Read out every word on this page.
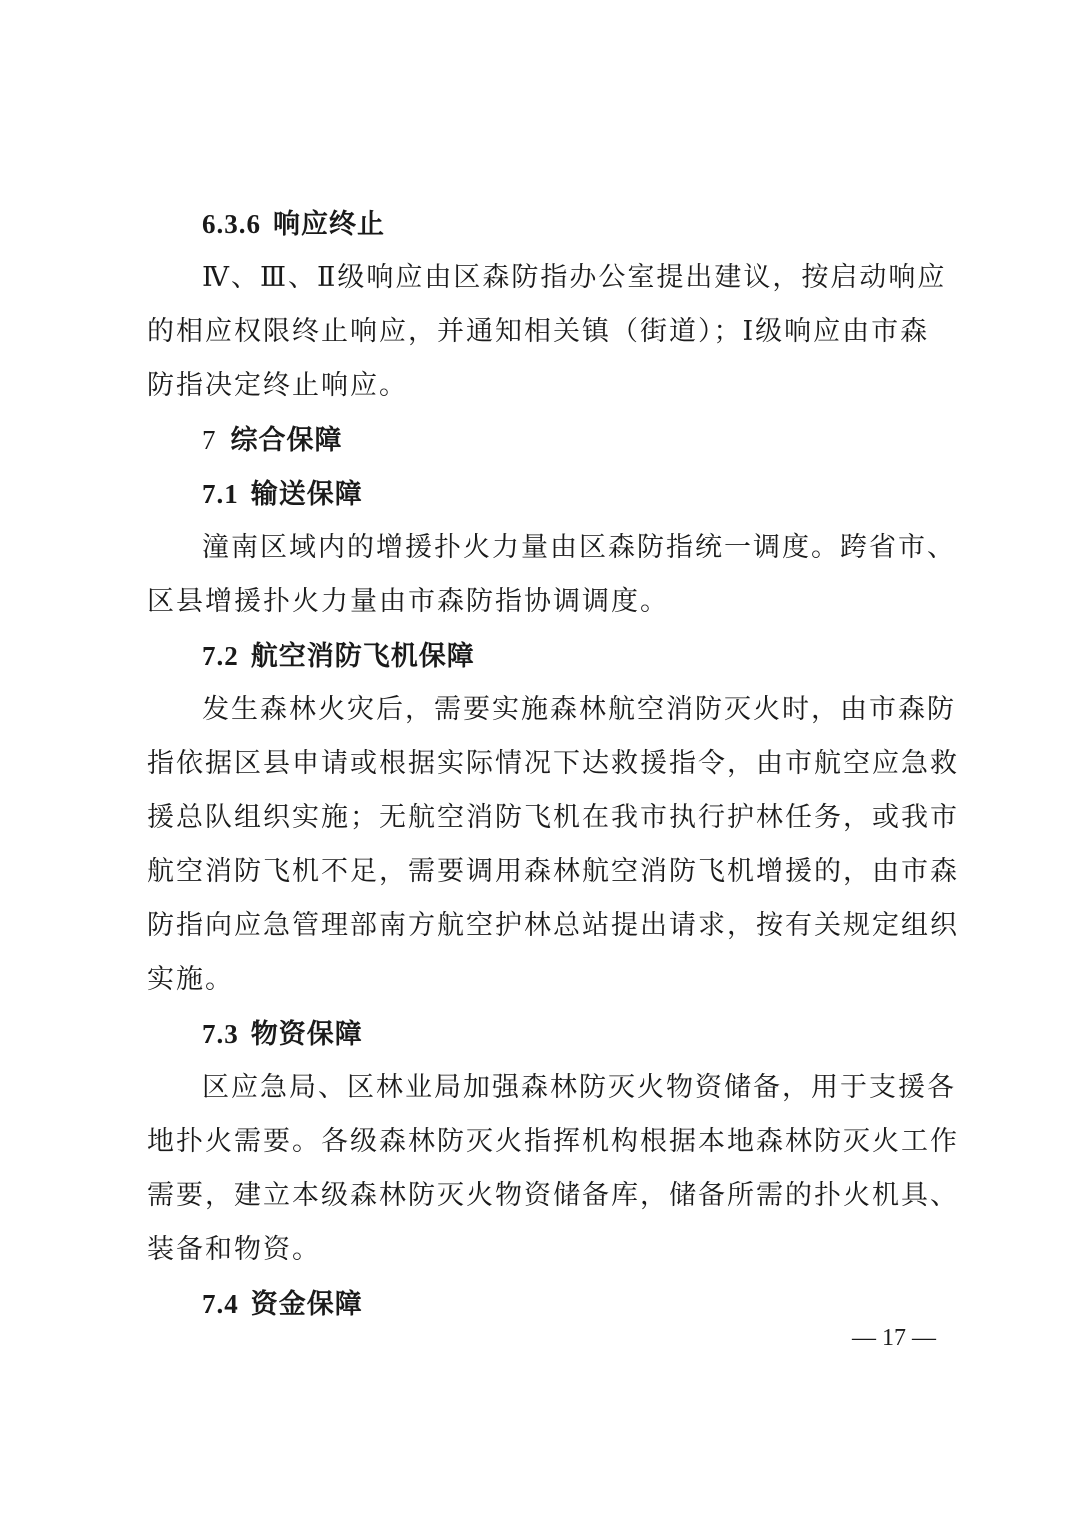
6.3.6 响应终止
Ⅳ、Ⅲ、Ⅱ级响应由区森防指办公室提出建议，按启动响应
的相应权限终止响应，并通知相关镇（街道）；Ⅰ级响应由市森
防指决定终止响应。
7 综合保障
7.1 输送保障
潼南区域内的增援扑火力量由区森防指统一调度。跨省市、
区县增援扑火力量由市森防指协调调度。
7.2 航空消防飞机保障
发生森林火灾后，需要实施森林航空消防灭火时，由市森防
指依据区县申请或根据实际情况下达救援指令，由市航空应急救
援总队组织实施；无航空消防飞机在我市执行护林任务，或我市
航空消防飞机不足，需要调用森林航空消防飞机增援的，由市森
防指向应急管理部南方航空护林总站提出请求，按有关规定组织
实施。
7.3 物资保障
区应急局、区林业局加强森林防灭火物资储备，用于支援各
地扑火需要。各级森林防灭火指挥机构根据本地森林防灭火工作
需要，建立本级森林防灭火物资储备库，储备所需的扑火机具、
装备和物资。
7.4 资金保障
— 17 —
